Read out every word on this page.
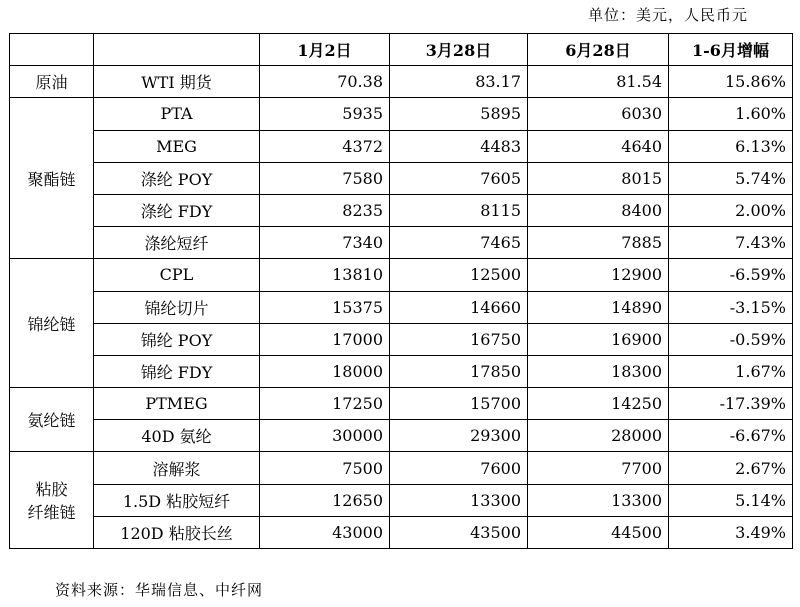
单位：美元，人民币元
		1月2日	3月28日	6月28日	1-6月增幅
原油	WTI 期货	70.38	83.17	81.54	15.86%
聚酯链	PTA	5935	5895	6030	1.60%
	MEG	4372	4483	4640	6.13%
	涤纶 POY	7580	7605	8015	5.74%
	涤纶 FDY	8235	8115	8400	2.00%
	涤纶短纤	7340	7465	7885	7.43%
锦纶链	CPL	13810	12500	12900	-6.59%
	锦纶切片	15375	14660	14890	-3.15%
	锦纶 POY	17000	16750	16900	-0.59%
	锦纶 FDY	18000	17850	18300	1.67%
氨纶链	PTMEG	17250	15700	14250	-17.39%
	40D 氨纶	30000	29300	28000	-6.67%
粘胶
纤维链	溶解浆	7500	7600	7700	2.67%
	1.5D 粘胶短纤	12650	13300	13300	5.14%
	120D 粘胶长丝	43000	43500	44500	3.49%
资料来源：华瑞信息、中纤网
